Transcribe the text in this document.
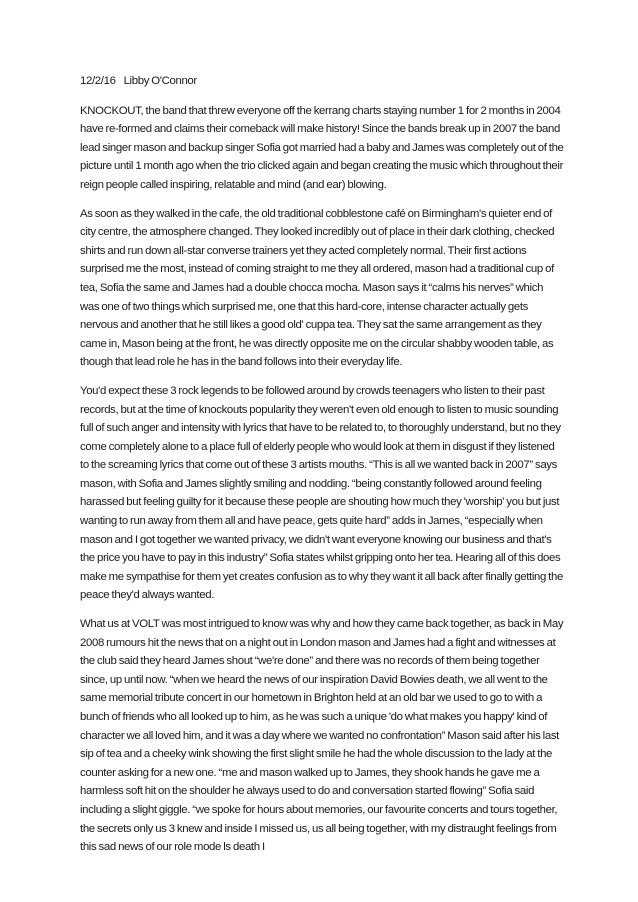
12/2/16 Libby O'Connor

KNOCKOUT, the band that threw everyone off the kerrang charts staying number 1 for 2 months in 2004 have re-formed and claims their comeback will make history! Since the bands break up in 2007 the band lead singer mason and backup singer Sofia got married had a baby and James was completely out of the picture until 1 month ago when the trio clicked again and began creating the music which throughout their reign people called inspiring, relatable and mind (and ear) blowing.

As soon as they walked in the cafe, the old traditional cobblestone café on Birmingham's quieter end of city centre, the atmosphere changed. They looked incredibly out of place in their dark clothing, checked shirts and run down all-star converse trainers yet they acted completely normal. Their first actions surprised me the most, instead of coming straight to me they all ordered, mason had a traditional cup of tea, Sofia the same and James had a double chocca mocha. Mason says it “calms his nerves” which was one of two things which surprised me, one that this hard-core, intense character actually gets nervous and another that he still likes a good old' cuppa tea. They sat the same arrangement as they came in, Mason being at the front, he was directly opposite me on the circular shabby wooden table, as though that lead role he has in the band follows into their everyday life.

You'd expect these 3 rock legends to be followed around by crowds teenagers who listen to their past records, but at the time of knockouts popularity they weren't even old enough to listen to music sounding full of such anger and intensity with lyrics that have to be related to, to thoroughly understand, but no they come completely alone to a place full of elderly people who would look at them in disgust if they listened to the screaming lyrics that come out of these 3 artists mouths. “This is all we wanted back in 2007” says mason, with Sofia and James slightly smiling and nodding. “being constantly followed around feeling harassed but feeling guilty for it because these people are shouting how much they 'worship' you but just wanting to run away from them all and have peace, gets quite hard” adds in James, “especially when mason and I got together we wanted privacy, we didn't want everyone knowing our business and that's the price you have to pay in this industry” Sofia states whilst gripping onto her tea. Hearing all of this does make me sympathise for them yet creates confusion as to why they want it all back after finally getting the peace they'd always wanted.

What us at VOLT was most intrigued to know was why and how they came back together, as back in May 2008 rumours hit the news that on a night out in London mason and James had a fight and witnesses at the club said they heard James shout “we're done” and there was no records of them being together since, up until now. “when we heard the news of our inspiration David Bowies death, we all went to the same memorial tribute concert in our hometown in Brighton held at an old bar we used to go to with a bunch of friends who all looked up to him, as he was such a unique 'do what makes you happy' kind of character we all loved him, and it was a day where we wanted no confrontation” Mason said after his last sip of tea and a cheeky wink showing the first slight smile he had the whole discussion to the lady at the counter asking for a new one. “me and mason walked up to James, they shook hands he gave me a harmless soft hit on the shoulder he always used to do and conversation started flowing” Sofia said including a slight giggle. “we spoke for hours about memories, our favourite concerts and tours together, the secrets only us 3 knew and inside I missed us, us all being together, with my distraught feelings from this sad news of our role mode ls death I
